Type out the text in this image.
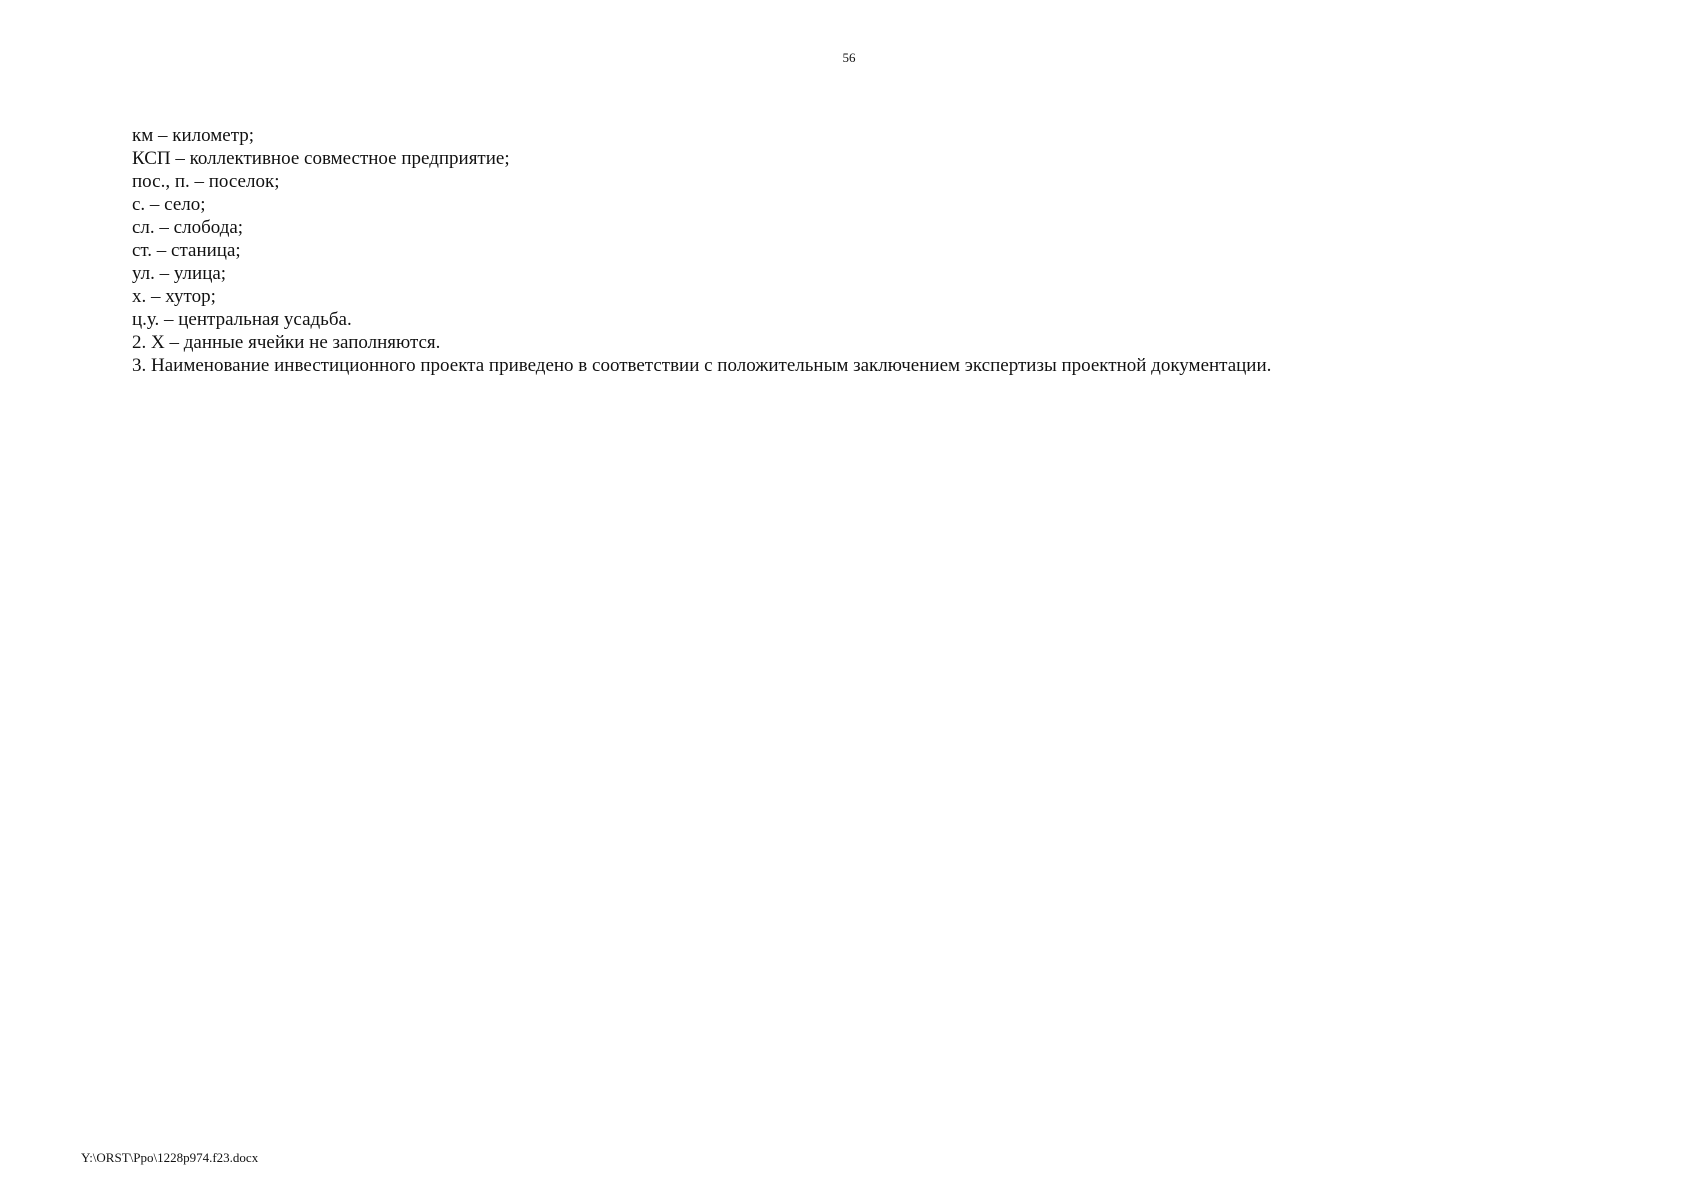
56
км – километр;
КСП – коллективное совместное предприятие;
пос., п. – поселок;
с. – село;
сл. – слобода;
ст. – станица;
ул. – улица;
х. – хутор;
ц.у. – центральная усадьба.
2. Х – данные ячейки не заполняются.
3. Наименование инвестиционного проекта приведено в соответствии с положительным заключением экспертизы проектной документации.
Y:\ORST\Ppo\1228p974.f23.docx
